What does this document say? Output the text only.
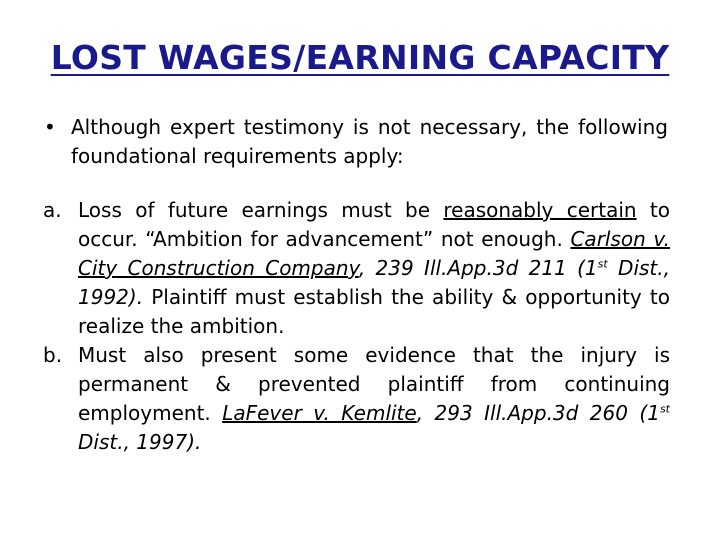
LOST WAGES/EARNING CAPACITY
• Although expert testimony is not necessary, the following foundational requirements apply:
a. Loss of future earnings must be reasonably certain to occur. “Ambition for advancement” not enough. Carlson v. City Construction Company, 239 Ill.App.3d 211 (1st Dist., 1992). Plaintiff must establish the ability & opportunity to realize the ambition.
b. Must also present some evidence that the injury is permanent & prevented plaintiff from continuing employment. LaFever v. Kemlite, 293 Ill.App.3d 260 (1st Dist., 1997).
